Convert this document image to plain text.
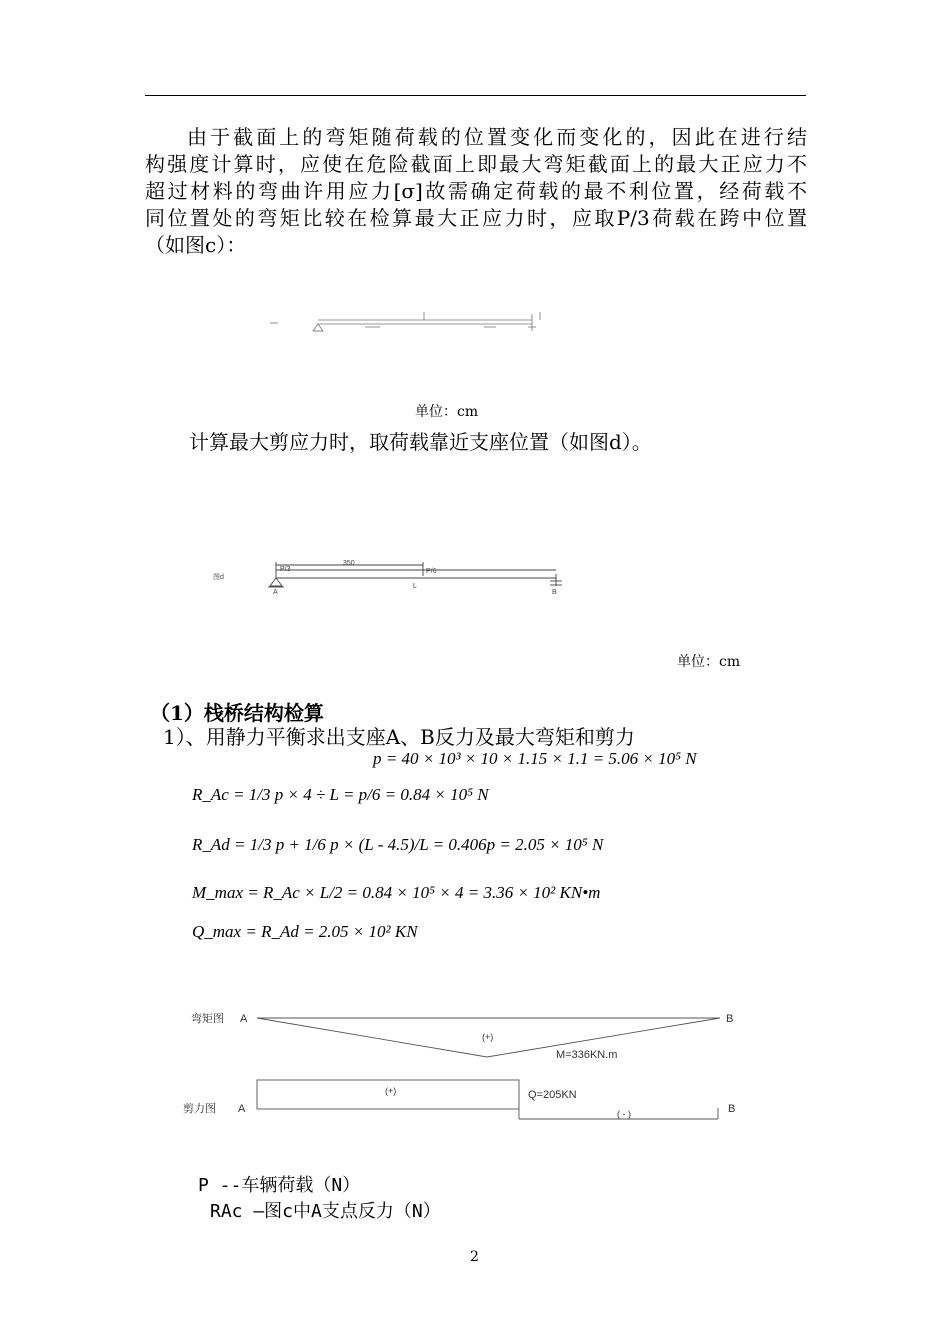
由于截面上的弯矩随荷载的位置变化而变化的，因此在进行结
构强度计算时，应使在危险截面上即最大弯矩截面上的最大正应力不
超过材料的弯曲许用应力[σ]故需确定荷载的最不利位置，经荷载不
同位置处的弯矩比较在检算最大正应力时，应取P/3荷载在跨中位置
（如图c）：
单位：cm
计算最大剪应力时，取荷载靠近支座位置（如图d）。
图d
P/3
350
P/6
L
A	B
单位：cm
（1）栈桥结构检算
1）、用静力平衡求出支座A、B反力及最大弯矩和剪力
p = 40 × 10³ × 10 × 1.15 × 1.1 = 5.06 × 10⁵ N
R_Ac = 1/3 p × 4 ÷ L = p/6 = 0.84 × 10⁵ N
R_Ad = 1/3 p + 1/6 p × (L - 4.5)/L = 0.406p = 2.05 × 10⁵ N
M_max = R_Ac × L/2 = 0.84 × 10⁵ × 4 = 3.36 × 10² KN•m
Q_max = R_Ad = 2.05 × 10² KN
弯矩图 A	B
(+)
M=336KN.m
(+)
剪力图 A
Q=205KN
( - )	B
P --车辆荷载（N）
RAc —图c中A支点反力（N）
2
